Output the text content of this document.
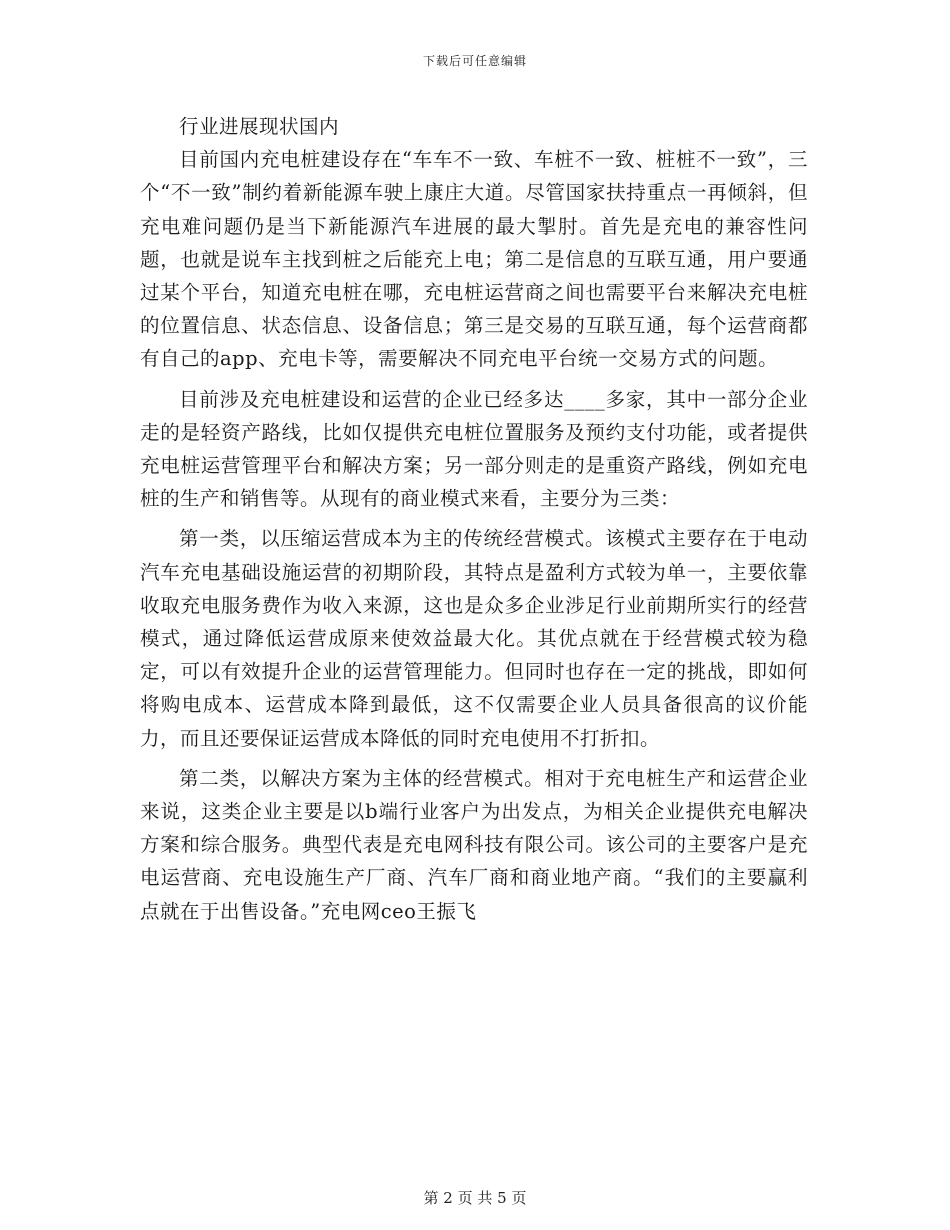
下载后可任意编辑

行业进展现状国内

目前国内充电桩建设存在“车车不一致、车桩不一致、桩桩不一致”，三个“不一致”制约着新能源车驶上康庄大道。尽管国家扶持重点一再倾斜，但充电难问题仍是当下新能源汽车进展的最大掣肘。首先是充电的兼容性问题，也就是说车主找到桩之后能充上电；第二是信息的互联互通，用户要通过某个平台，知道充电桩在哪，充电桩运营商之间也需要平台来解决充电桩的位置信息、状态信息、设备信息；第三是交易的互联互通，每个运营商都有自己的app、充电卡等，需要解决不同充电平台统一交易方式的问题。

目前涉及充电桩建设和运营的企业已经多达____多家，其中一部分企业走的是轻资产路线，比如仅提供充电桩位置服务及预约支付功能，或者提供充电桩运营管理平台和解决方案；另一部分则走的是重资产路线，例如充电桩的生产和销售等。从现有的商业模式来看，主要分为三类：

第一类，以压缩运营成本为主的传统经营模式。该模式主要存在于电动汽车充电基础设施运营的初期阶段，其特点是盈利方式较为单一，主要依靠收取充电服务费作为收入来源，这也是众多企业涉足行业前期所实行的经营模式，通过降低运营成原来使效益最大化。其优点就在于经营模式较为稳定，可以有效提升企业的运营管理能力。但同时也存在一定的挑战，即如何将购电成本、运营成本降到最低，这不仅需要企业人员具备很高的议价能力，而且还要保证运营成本降低的同时充电使用不打折扣。

第二类，以解决方案为主体的经营模式。相对于充电桩生产和运营企业来说，这类企业主要是以b端行业客户为出发点，为相关企业提供充电解决方案和综合服务。典型代表是充电网科技有限公司。该公司的主要客户是充电运营商、充电设施生产厂商、汽车厂商和商业地产商。“我们的主要赢利点就在于出售设备。”充电网ceo王振飞

第 2 页 共 5 页
